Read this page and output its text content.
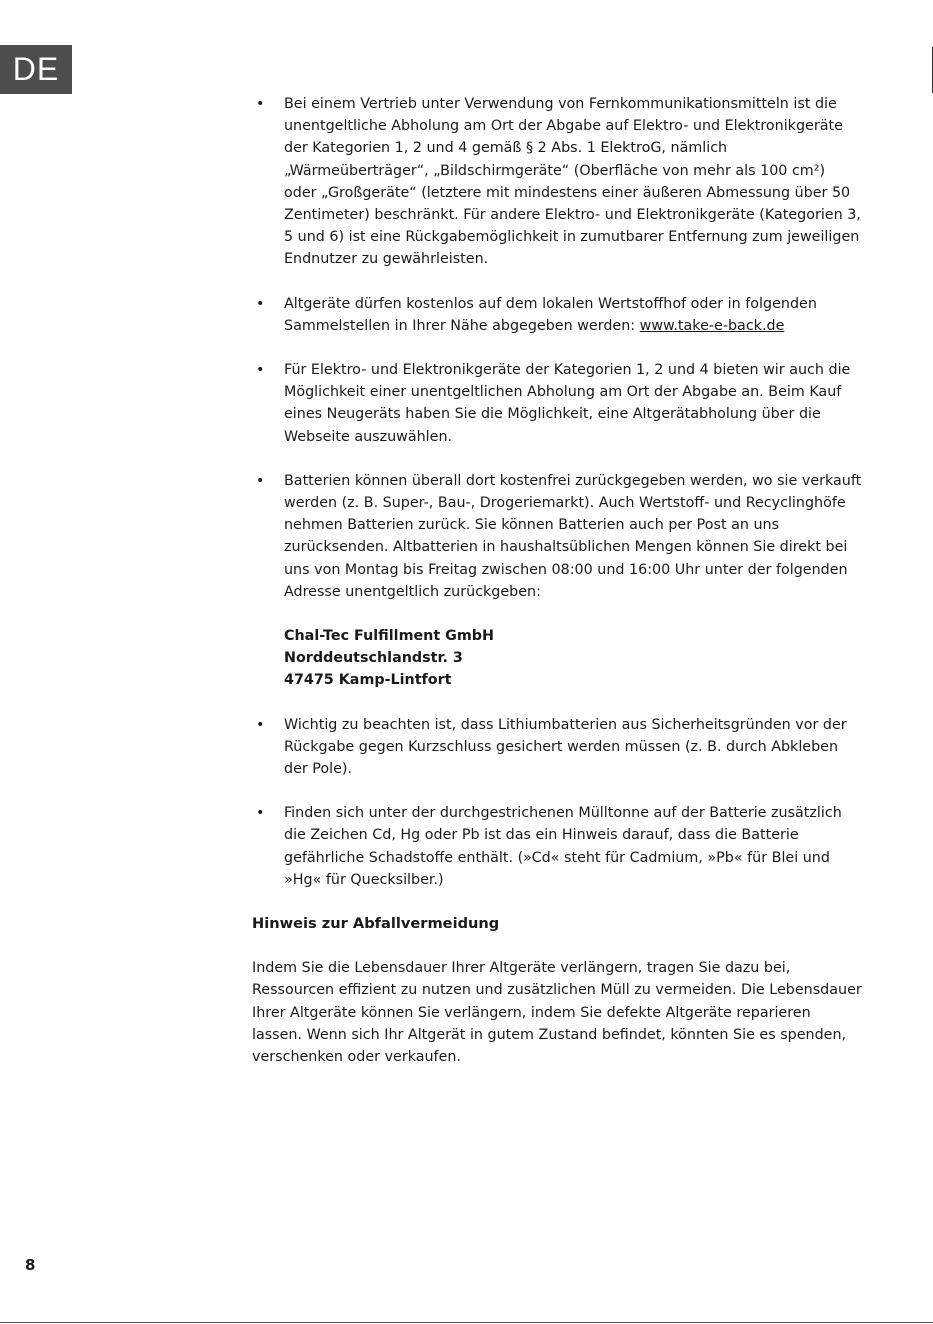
DE
• Bei einem Vertrieb unter Verwendung von Fernkommunikationsmitteln ist die unentgeltliche Abholung am Ort der Abgabe auf Elektro- und Elektronikgeräte der Kategorien 1, 2 und 4 gemäß § 2 Abs. 1 ElektroG, nämlich „Wärmeüberträger“, „Bildschirmgeräte“ (Oberfläche von mehr als 100 cm²) oder „Großgeräte“ (letztere mit mindestens einer äußeren Abmessung über 50 Zentimeter) beschränkt. Für andere Elektro- und Elektronikgeräte (Kategorien 3, 5 und 6) ist eine Rückgabemöglichkeit in zumutbarer Entfernung zum jeweiligen Endnutzer zu gewährleisten.
• Altgeräte dürfen kostenlos auf dem lokalen Wertstoffhof oder in folgenden Sammelstellen in Ihrer Nähe abgegeben werden: www.take-e-back.de
• Für Elektro- und Elektronikgeräte der Kategorien 1, 2 und 4 bieten wir auch die Möglichkeit einer unentgeltlichen Abholung am Ort der Abgabe an. Beim Kauf eines Neugeräts haben Sie die Möglichkeit, eine Altgerätabholung über die Webseite auszuwählen.
• Batterien können überall dort kostenfrei zurückgegeben werden, wo sie verkauft werden (z. B. Super-, Bau-, Drogeriemarkt). Auch Wertstoff- und Recyclinghöfe nehmen Batterien zurück. Sie können Batterien auch per Post an uns zurücksenden. Altbatterien in haushaltsüblichen Mengen können Sie direkt bei uns von Montag bis Freitag zwischen 08:00 und 16:00 Uhr unter der folgenden Adresse unentgeltlich zurückgeben:
Chal-Tec Fulfillment GmbH
Norddeutschlandstr. 3
47475 Kamp-Lintfort
• Wichtig zu beachten ist, dass Lithiumbatterien aus Sicherheitsgründen vor der Rückgabe gegen Kurzschluss gesichert werden müssen (z. B. durch Abkleben der Pole).
• Finden sich unter der durchgestrichenen Mülltonne auf der Batterie zusätzlich die Zeichen Cd, Hg oder Pb ist das ein Hinweis darauf, dass die Batterie gefährliche Schadstoffe enthält. (»Cd« steht für Cadmium, »Pb« für Blei und »Hg« für Quecksilber.)
Hinweis zur Abfallvermeidung

Indem Sie die Lebensdauer Ihrer Altgeräte verlängern, tragen Sie dazu bei, Ressourcen effizient zu nutzen und zusätzlichen Müll zu vermeiden. Die Lebensdauer Ihrer Altgeräte können Sie verlängern, indem Sie defekte Altgeräte reparieren lassen. Wenn sich Ihr Altgerät in gutem Zustand befindet, könnten Sie es spenden, verschenken oder verkaufen.

8
